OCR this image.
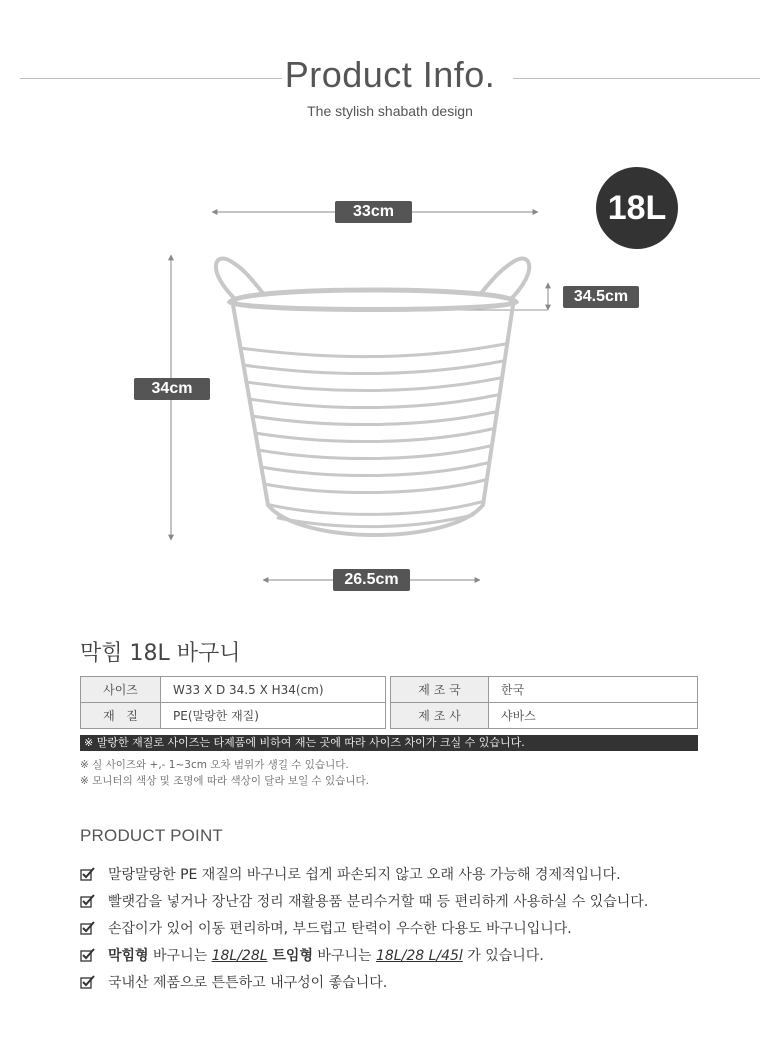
Product Info.
The stylish shabath design
18L
33cm
34cm
34.5cm
26.5cm
막힘 18L 바구니
사이즈	W33 X D 34.5 X H34(cm)
재   질	PE(말랑한 재질)
제 조 국	한국
제 조 사	샤바스
※ 말랑한 재질로 사이즈는 타제품에 비하여 재는 곳에 따라 사이즈 차이가 크실 수 있습니다.
※ 실 사이즈와 +,- 1~3cm 오차 범위가 생길 수 있습니다.
※ 모니터의 색상 및 조명에 따라 색상이 달라 보일 수 있습니다.
PRODUCT POINT
말랑말랑한 PE 재질의 바구니로 쉽게 파손되지 않고 오래 사용 가능해 경제적입니다.
빨랫감을 넣거나 장난감 정리 재활용품 분리수거할 때 등 편리하게 사용하실 수 있습니다.
손잡이가 있어 이동 편리하며, 부드럽고 탄력이 우수한 다용도 바구니입니다.
막힘형 바구니는 18L/28L 트임형 바구니는 18L/28 L/45l 가 있습니다.
국내산 제품으로 튼튼하고 내구성이 좋습니다.
